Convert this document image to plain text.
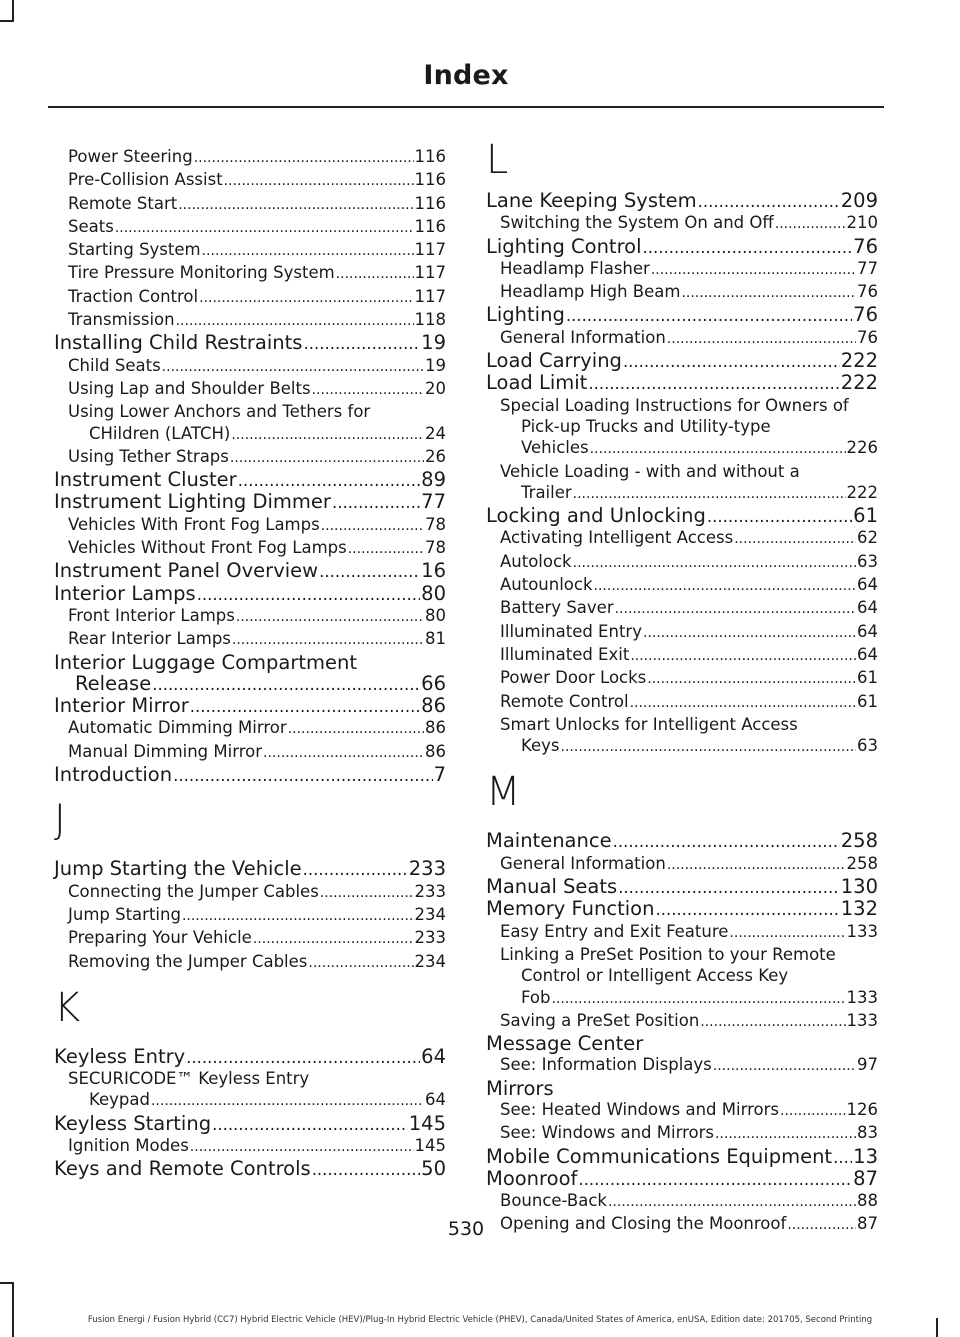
Index
Power Steering .....	116
Pre-Collision Assist .....	116
Remote Start .....	116
Seats .....	116
Starting System .....	117
Tire Pressure Monitoring System .....	117
Traction Control .....	117
Transmission .....	118
Installing Child Restraints .....	19
Child Seats .....	19
Using Lap and Shoulder Belts .....	20
Using Lower Anchors and Tethers for
CHildren (LATCH) .....	24
Using Tether Straps .....	26
Instrument Cluster .....	89
Instrument Lighting Dimmer .....	77
Vehicles With Front Fog Lamps .....	78
Vehicles Without Front Fog Lamps .....	78
Instrument Panel Overview .....	16
Interior Lamps .....	80
Front Interior Lamps .....	80
Rear Interior Lamps .....	81
Interior Luggage Compartment
Release .....	66
Interior Mirror .....	86
Automatic Dimming Mirror .....	86
Manual Dimming Mirror .....	86
Introduction .....	7
J
Jump Starting the Vehicle .....	233
Connecting the Jumper Cables .....	233
Jump Starting .....	234
Preparing Your Vehicle .....	233
Removing the Jumper Cables .....	234
K
Keyless Entry .....	64
SECURICODE™ Keyless Entry
Keypad .....	64
Keyless Starting .....	145
Ignition Modes .....	145
Keys and Remote Controls .....	50
L
Lane Keeping System .....	209
Switching the System On and Off .....	210
Lighting Control .....	76
Headlamp Flasher .....	77
Headlamp High Beam .....	76
Lighting .....	76
General Information .....	76
Load Carrying .....	222
Load Limit .....	222
Special Loading Instructions for Owners of
Pick-up Trucks and Utility-type
Vehicles .....	226
Vehicle Loading - with and without a
Trailer .....	222
Locking and Unlocking .....	61
Activating Intelligent Access .....	62
Autolock .....	63
Autounlock .....	64
Battery Saver .....	64
Illuminated Entry .....	64
Illuminated Exit .....	64
Power Door Locks .....	61
Remote Control .....	61
Smart Unlocks for Intelligent Access
Keys .....	63
M
Maintenance .....	258
General Information .....	258
Manual Seats .....	130
Memory Function .....	132
Easy Entry and Exit Feature .....	133
Linking a PreSet Position to your Remote
Control or Intelligent Access Key
Fob .....	133
Saving a PreSet Position .....	133
Message Center
See: Information Displays .....	97
Mirrors
See: Heated Windows and Mirrors .....	126
See: Windows and Mirrors .....	83
Mobile Communications Equipment ..... 13
Moonroof .....	87
Bounce-Back .....	88
Opening and Closing the Moonroof .....	87
530
Fusion Energi / Fusion Hybrid (CC7) Hybrid Electric Vehicle (HEV)/Plug-In Hybrid Electric Vehicle (PHEV), Canada/United States of America, enUSA, Edition date: 201705, Second Printing
